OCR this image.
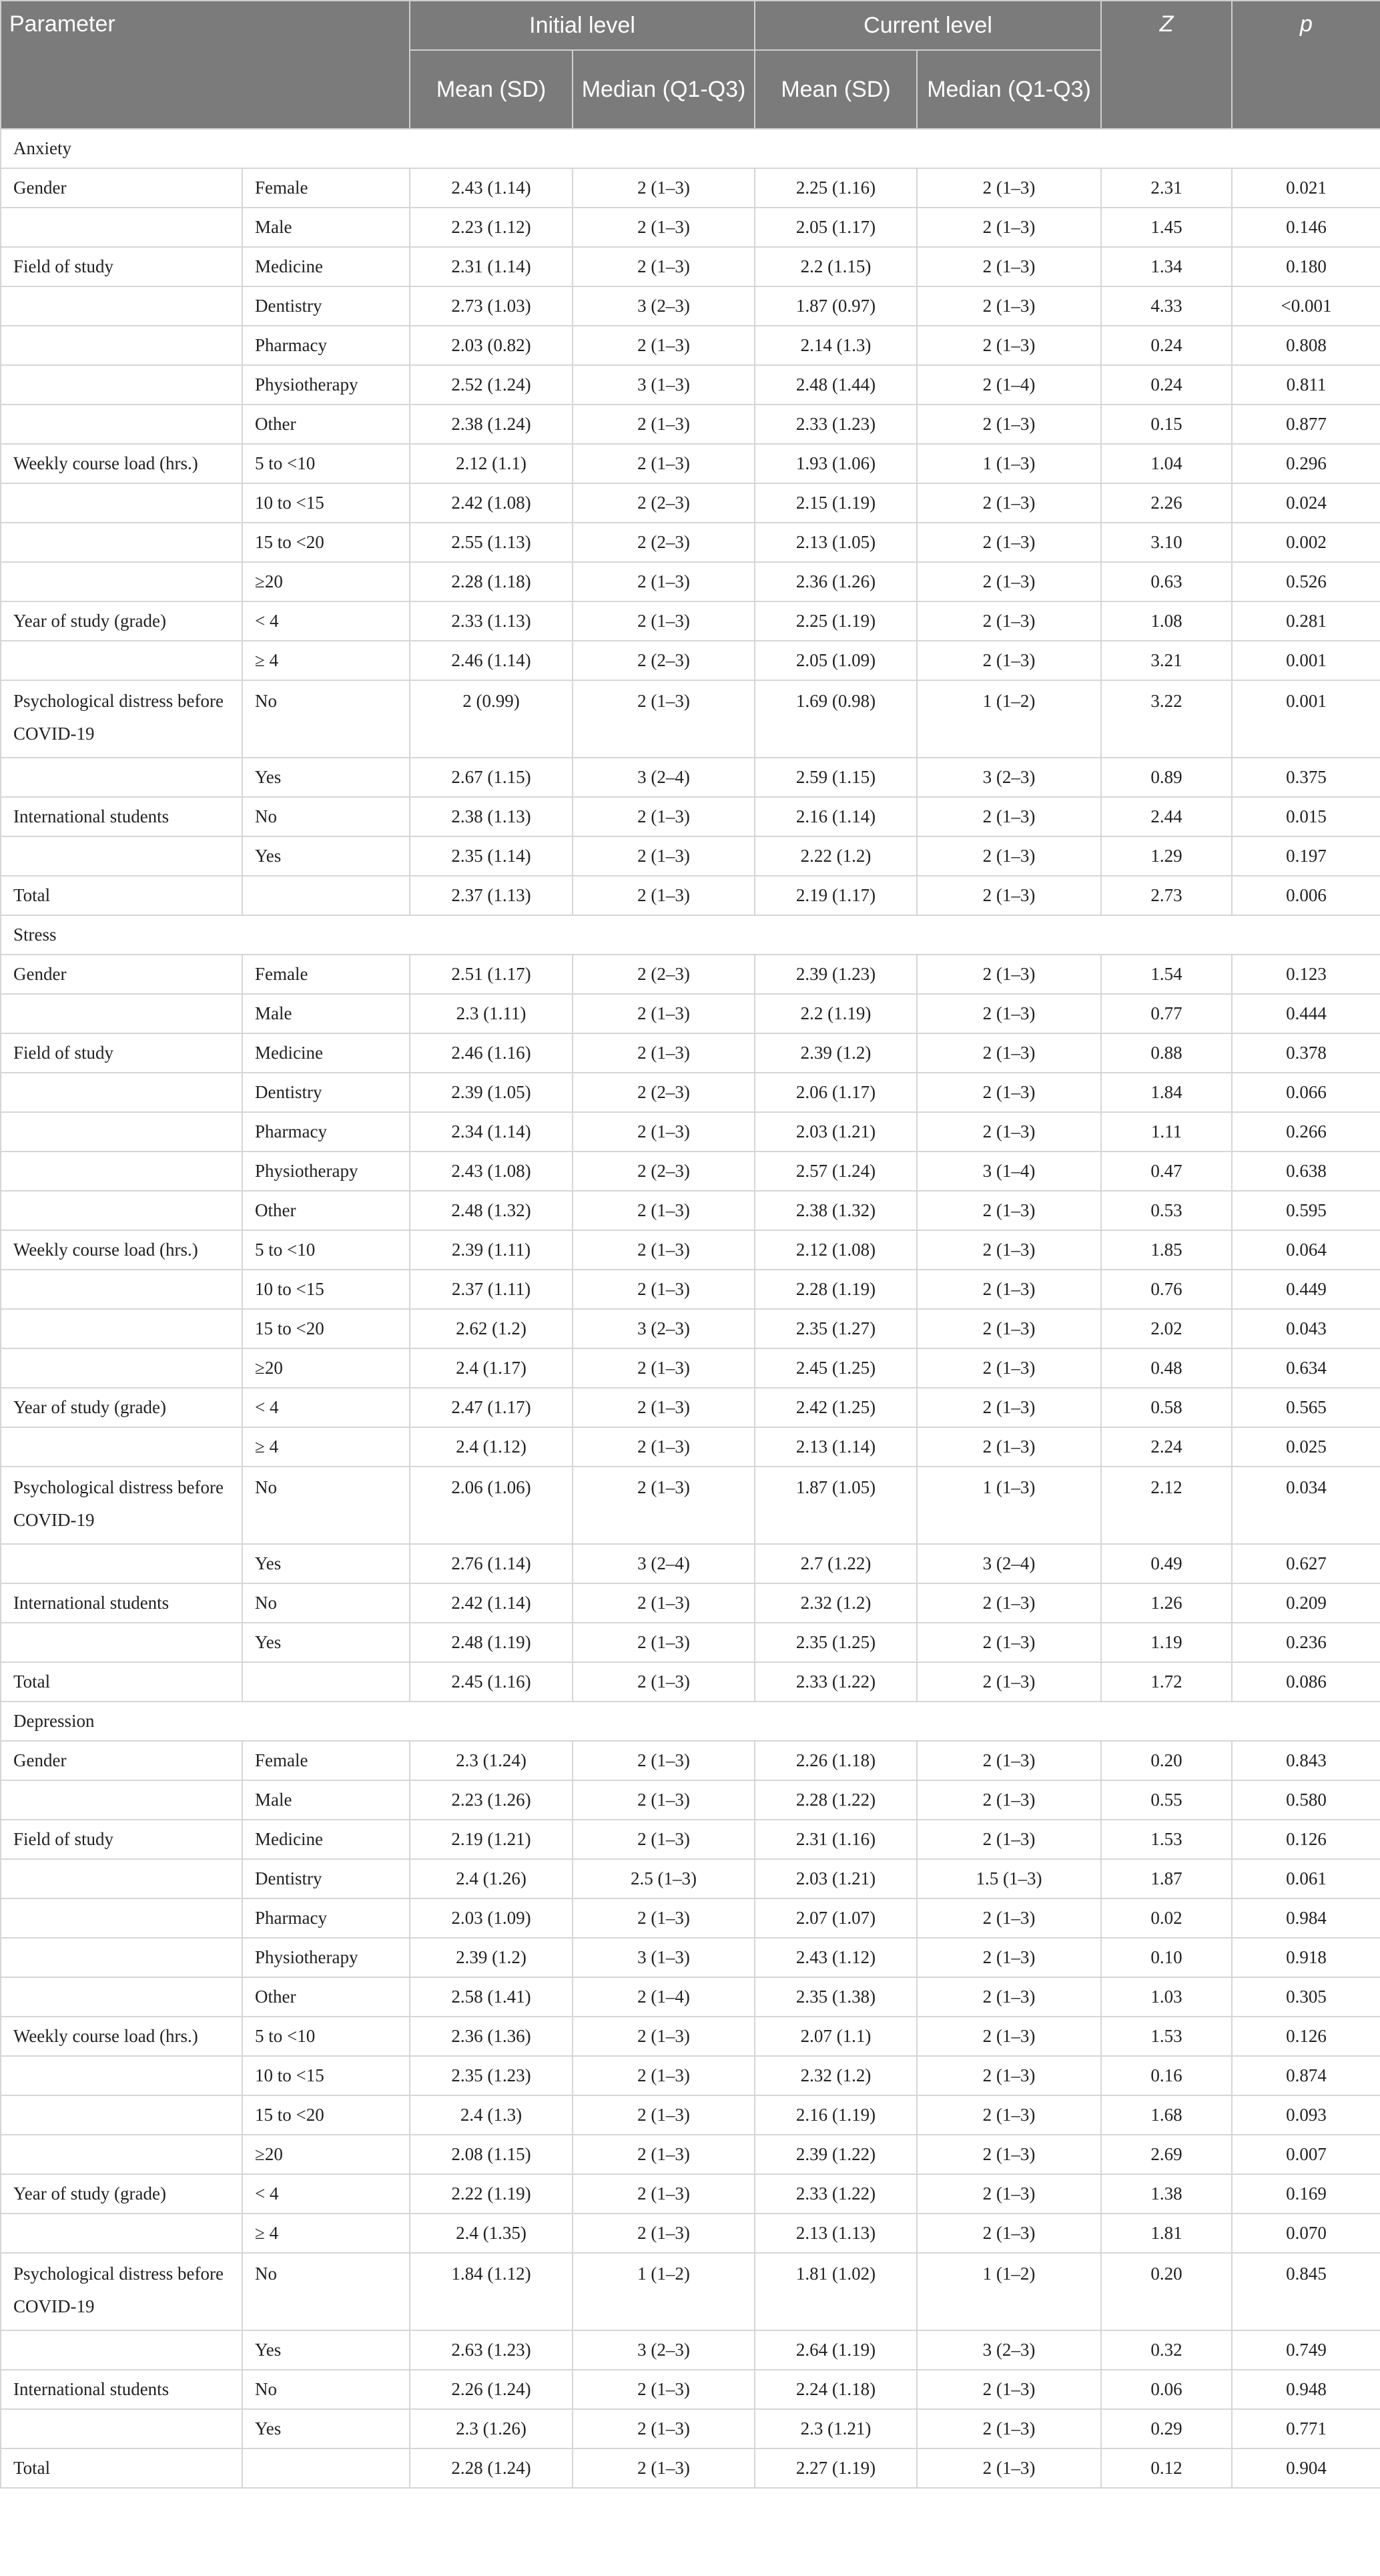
Parameter		Initial level		Current level		Z	p
		Mean (SD)	Median (Q1-Q3)	Mean (SD)	Median (Q1-Q3)		
Anxiety							
Gender	Female	2.43 (1.14)	2 (1–3)	2.25 (1.16)	2 (1–3)	2.31	0.021
	Male	2.23 (1.12)	2 (1–3)	2.05 (1.17)	2 (1–3)	1.45	0.146
Field of study	Medicine	2.31 (1.14)	2 (1–3)	2.2 (1.15)	2 (1–3)	1.34	0.180
	Dentistry	2.73 (1.03)	3 (2–3)	1.87 (0.97)	2 (1–3)	4.33	<0.001
	Pharmacy	2.03 (0.82)	2 (1–3)	2.14 (1.3)	2 (1–3)	0.24	0.808
	Physiotherapy	2.52 (1.24)	3 (1–3)	2.48 (1.44)	2 (1–4)	0.24	0.811
	Other	2.38 (1.24)	2 (1–3)	2.33 (1.23)	2 (1–3)	0.15	0.877
Weekly course load (hrs.)	5 to <10	2.12 (1.1)	2 (1–3)	1.93 (1.06)	1 (1–3)	1.04	0.296
	10 to <15	2.42 (1.08)	2 (2–3)	2.15 (1.19)	2 (1–3)	2.26	0.024
	15 to <20	2.55 (1.13)	2 (2–3)	2.13 (1.05)	2 (1–3)	3.10	0.002
	≥20	2.28 (1.18)	2 (1–3)	2.36 (1.26)	2 (1–3)	0.63	0.526
Year of study (grade)	< 4	2.33 (1.13)	2 (1–3)	2.25 (1.19)	2 (1–3)	1.08	0.281
	≥ 4	2.46 (1.14)	2 (2–3)	2.05 (1.09)	2 (1–3)	3.21	0.001
Psychological distress before COVID-19	No	2 (0.99)	2 (1–3)	1.69 (0.98)	1 (1–2)	3.22	0.001
	Yes	2.67 (1.15)	3 (2–4)	2.59 (1.15)	3 (2–3)	0.89	0.375
International students	No	2.38 (1.13)	2 (1–3)	2.16 (1.14)	2 (1–3)	2.44	0.015
	Yes	2.35 (1.14)	2 (1–3)	2.22 (1.2)	2 (1–3)	1.29	0.197
Total		2.37 (1.13)	2 (1–3)	2.19 (1.17)	2 (1–3)	2.73	0.006
Stress							
Gender	Female	2.51 (1.17)	2 (2–3)	2.39 (1.23)	2 (1–3)	1.54	0.123
	Male	2.3 (1.11)	2 (1–3)	2.2 (1.19)	2 (1–3)	0.77	0.444
Field of study	Medicine	2.46 (1.16)	2 (1–3)	2.39 (1.2)	2 (1–3)	0.88	0.378
	Dentistry	2.39 (1.05)	2 (2–3)	2.06 (1.17)	2 (1–3)	1.84	0.066
	Pharmacy	2.34 (1.14)	2 (1–3)	2.03 (1.21)	2 (1–3)	1.11	0.266
	Physiotherapy	2.43 (1.08)	2 (2–3)	2.57 (1.24)	3 (1–4)	0.47	0.638
	Other	2.48 (1.32)	2 (1–3)	2.38 (1.32)	2 (1–3)	0.53	0.595
Weekly course load (hrs.)	5 to <10	2.39 (1.11)	2 (1–3)	2.12 (1.08)	2 (1–3)	1.85	0.064
	10 to <15	2.37 (1.11)	2 (1–3)	2.28 (1.19)	2 (1–3)	0.76	0.449
	15 to <20	2.62 (1.2)	3 (2–3)	2.35 (1.27)	2 (1–3)	2.02	0.043
	≥20	2.4 (1.17)	2 (1–3)	2.45 (1.25)	2 (1–3)	0.48	0.634
Year of study (grade)	< 4	2.47 (1.17)	2 (1–3)	2.42 (1.25)	2 (1–3)	0.58	0.565
	≥ 4	2.4 (1.12)	2 (1–3)	2.13 (1.14)	2 (1–3)	2.24	0.025
Psychological distress before COVID-19	No	2.06 (1.06)	2 (1–3)	1.87 (1.05)	1 (1–3)	2.12	0.034
	Yes	2.76 (1.14)	3 (2–4)	2.7 (1.22)	3 (2–4)	0.49	0.627
International students	No	2.42 (1.14)	2 (1–3)	2.32 (1.2)	2 (1–3)	1.26	0.209
	Yes	2.48 (1.19)	2 (1–3)	2.35 (1.25)	2 (1–3)	1.19	0.236
Total		2.45 (1.16)	2 (1–3)	2.33 (1.22)	2 (1–3)	1.72	0.086
Depression							
Gender	Female	2.3 (1.24)	2 (1–3)	2.26 (1.18)	2 (1–3)	0.20	0.843
	Male	2.23 (1.26)	2 (1–3)	2.28 (1.22)	2 (1–3)	0.55	0.580
Field of study	Medicine	2.19 (1.21)	2 (1–3)	2.31 (1.16)	2 (1–3)	1.53	0.126
	Dentistry	2.4 (1.26)	2.5 (1–3)	2.03 (1.21)	1.5 (1–3)	1.87	0.061
	Pharmacy	2.03 (1.09)	2 (1–3)	2.07 (1.07)	2 (1–3)	0.02	0.984
	Physiotherapy	2.39 (1.2)	3 (1–3)	2.43 (1.12)	2 (1–3)	0.10	0.918
	Other	2.58 (1.41)	2 (1–4)	2.35 (1.38)	2 (1–3)	1.03	0.305
Weekly course load (hrs.)	5 to <10	2.36 (1.36)	2 (1–3)	2.07 (1.1)	2 (1–3)	1.53	0.126
	10 to <15	2.35 (1.23)	2 (1–3)	2.32 (1.2)	2 (1–3)	0.16	0.874
	15 to <20	2.4 (1.3)	2 (1–3)	2.16 (1.19)	2 (1–3)	1.68	0.093
	≥20	2.08 (1.15)	2 (1–3)	2.39 (1.22)	2 (1–3)	2.69	0.007
Year of study (grade)	< 4	2.22 (1.19)	2 (1–3)	2.33 (1.22)	2 (1–3)	1.38	0.169
	≥ 4	2.4 (1.35)	2 (1–3)	2.13 (1.13)	2 (1–3)	1.81	0.070
Psychological distress before COVID-19	No	1.84 (1.12)	1 (1–2)	1.81 (1.02)	1 (1–2)	0.20	0.845
	Yes	2.63 (1.23)	3 (2–3)	2.64 (1.19)	3 (2–3)	0.32	0.749
International students	No	2.26 (1.24)	2 (1–3)	2.24 (1.18)	2 (1–3)	0.06	0.948
	Yes	2.3 (1.26)	2 (1–3)	2.3 (1.21)	2 (1–3)	0.29	0.771
Total		2.28 (1.24)	2 (1–3)	2.27 (1.19)	2 (1–3)	0.12	0.904
